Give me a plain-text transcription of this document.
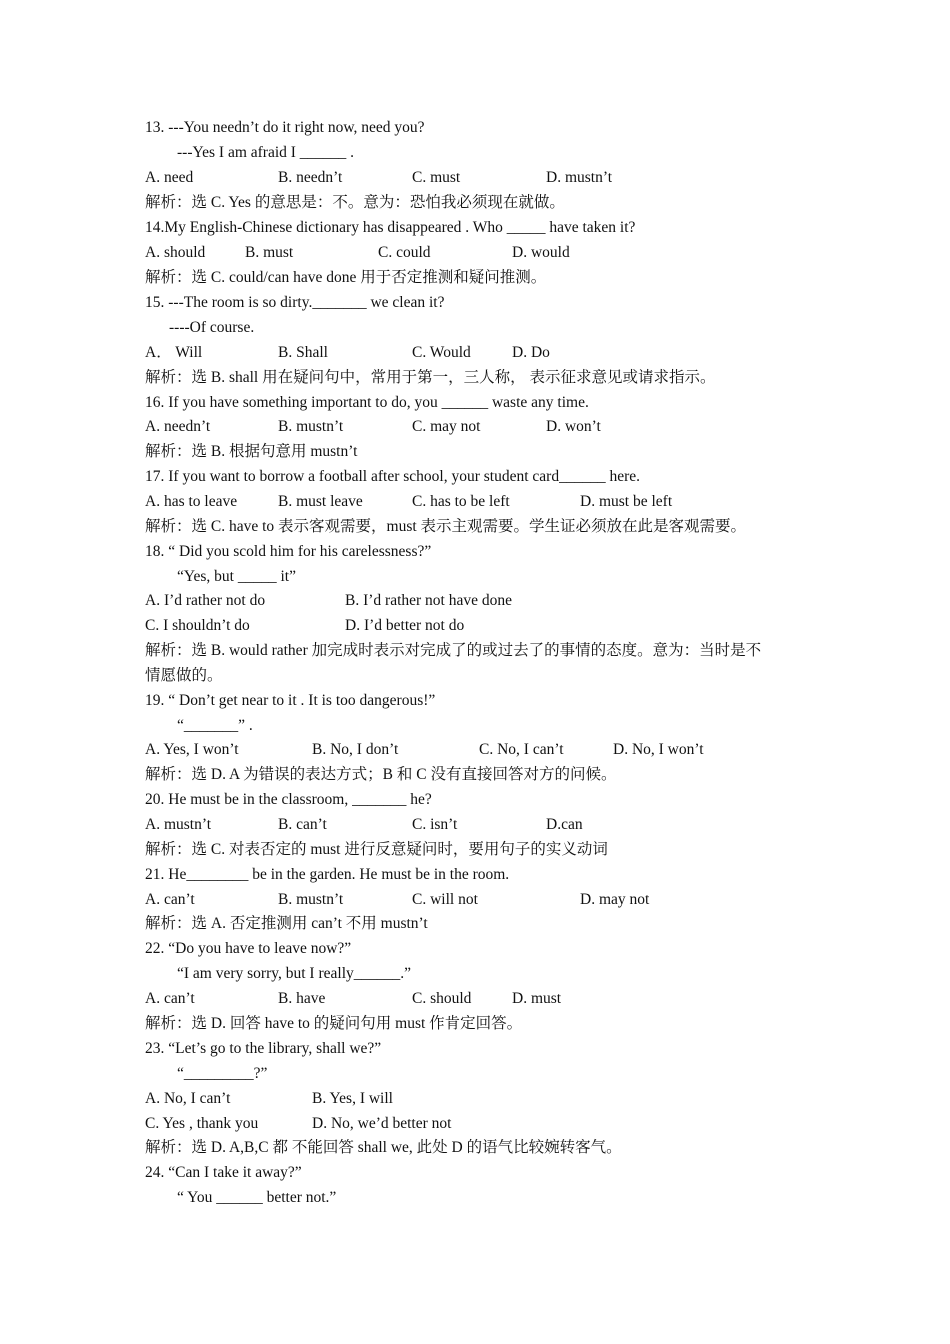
13. ---You needn’t do it right now, need you?
---Yes I am afraid I ______ .
A. need	B. needn’t	C. must	D. mustn’t
解析：选 C. Yes 的意思是：不。意为：恐怕我必须现在就做。
14.My English-Chinese dictionary has disappeared . Who _____ have taken it?
A. should	B. must	C. could	D. would
解析：选 C. could/can have done 用于否定推测和疑问推测。
15. ---The room is so dirty._______ we clean it?
----Of course.
A． Will	B. Shall	C. Would	D. Do
解析：选 B. shall 用在疑问句中，常用于第一，三人称， 表示征求意见或请求指示。
16. If you have something important to do, you ______ waste any time.
A. needn’t	B. mustn’t	C. may not	D. won’t
解析：选 B. 根据句意用 mustn’t
17. If you want to borrow a football after school, your student card______ here.
A. has to leave	B. must leave	C. has to be left	D. must be left
解析：选 C. have to 表示客观需要，must 表示主观需要。学生证必须放在此是客观需要。
18. “ Did you scold him for his carelessness?”
“Yes, but _____ it”
A. I’d rather not do	B. I’d rather not have done
C. I shouldn’t do	D. I’d better not do
解析：选 B. would rather 加完成时表示对完成了的或过去了的事情的态度。意为：当时是不
情愿做的。
19. “ Don’t get near to it . It is too dangerous!”
“_______” .
A. Yes, I won’t	B. No, I don’t	C. No, I can’t	D. No, I won’t
解析：选 D. A 为错误的表达方式；B 和 C 没有直接回答对方的问候。
20. He must be in the classroom, _______ he?
A. mustn’t	B. can’t	C. isn’t	D.can
解析：选 C. 对表否定的 must 进行反意疑问时，要用句子的实义动词
21. He________ be in the garden. He must be in the room.
A. can’t	B. mustn’t	C. will not	D. may not
解析：选 A. 否定推测用 can’t 不用 mustn’t
22. “Do you have to leave now?”
“I am very sorry, but I really______.”
A. can’t	B. have	C. should	D. must
解析：选 D. 回答 have to 的疑问句用 must 作肯定回答。
23. “Let’s go to the library, shall we?”
“_________?”
A. No, I can’t	B. Yes, I will
C. Yes , thank you	D. No, we’d better not
解析：选 D. A,B,C 都 不能回答 shall we, 此处 D 的语气比较婉转客气。
24. “Can I take it away?”
“ You ______ better not.”
